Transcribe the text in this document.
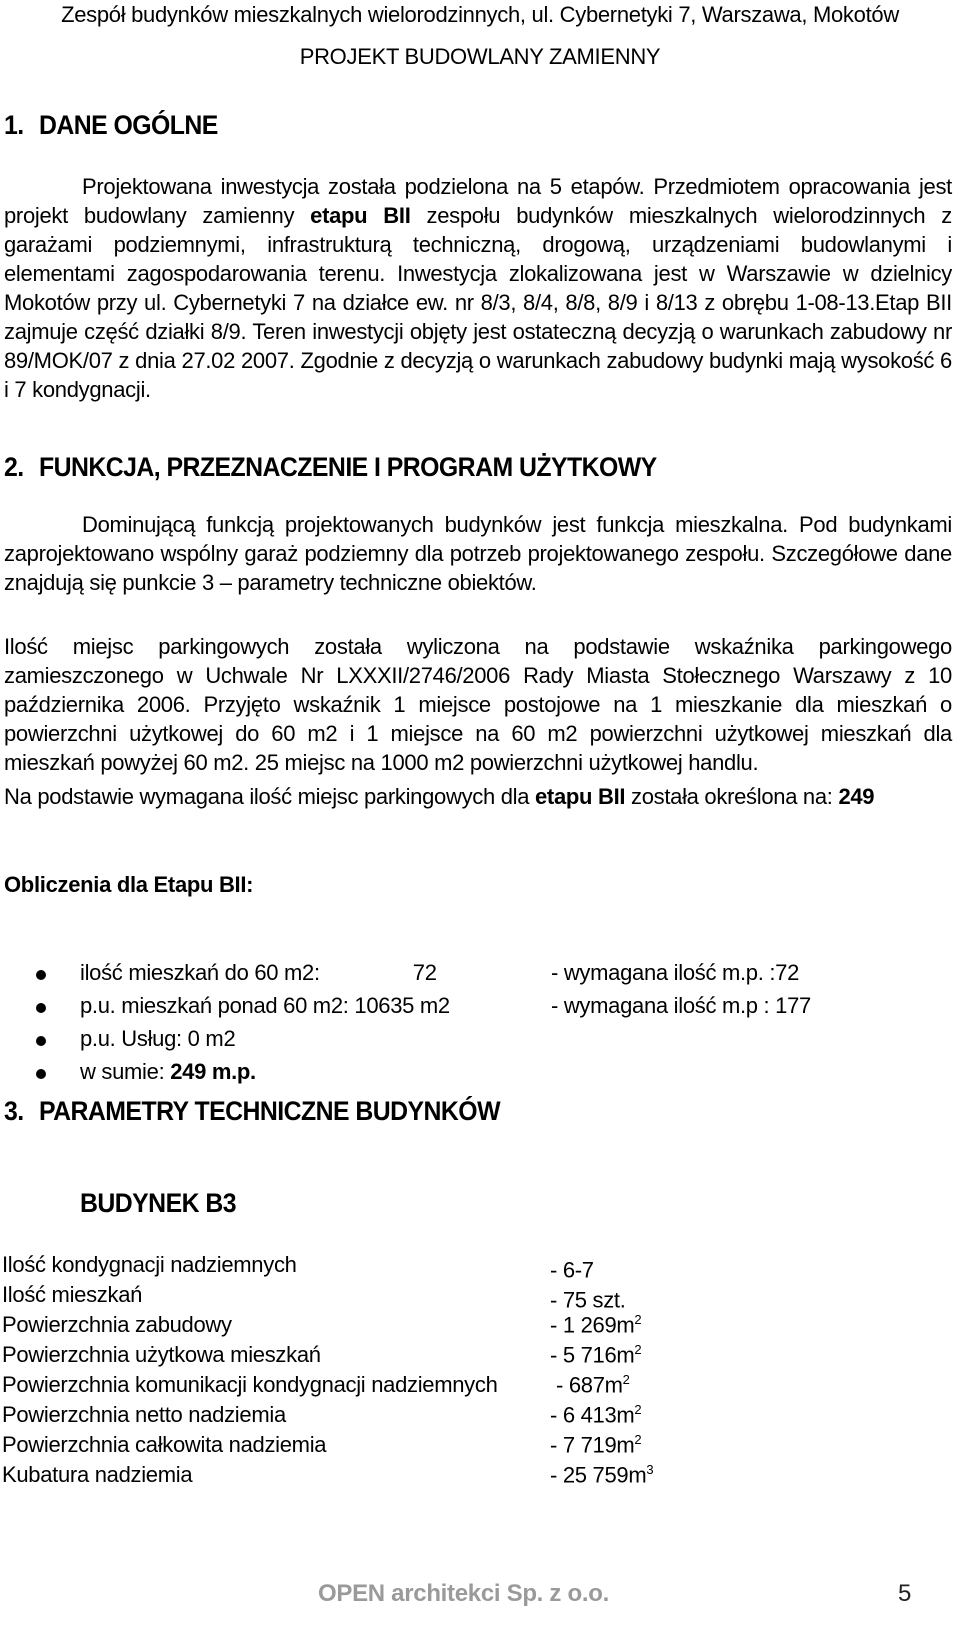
Zespół budynków mieszkalnych wielorodzinnych, ul. Cybernetyki 7, Warszawa, Mokotów
PROJEKT BUDOWLANY ZAMIENNY
1. DANE OGÓLNE

Projektowana inwestycja została podzielona na 5 etapów. Przedmiotem opracowania jest projekt budowlany zamienny etapu BII zespołu budynków mieszkalnych wielorodzinnych z garażami podziemnymi, infrastrukturą techniczną, drogową, urządzeniami budowlanymi i elementami zagospodarowania terenu. Inwestycja zlokalizowana jest w Warszawie w dzielnicy Mokotów przy ul. Cybernetyki 7 na działce ew. nr 8/3, 8/4, 8/8, 8/9 i 8/13 z obrębu 1-08-13.Etap BII zajmuje część działki 8/9. Teren inwestycji objęty jest ostateczną decyzją o warunkach zabudowy nr 89/MOK/07 z dnia 27.02 2007. Zgodnie z decyzją o warunkach zabudowy budynki mają wysokość 6 i 7 kondygnacji.

2. FUNKCJA, PRZEZNACZENIE I PROGRAM UŻYTKOWY

Dominującą funkcją projektowanych budynków jest funkcja mieszkalna. Pod budynkami zaprojektowano wspólny garaż podziemny dla potrzeb projektowanego zespołu. Szczegółowe dane znajdują się punkcie 3 – parametry techniczne obiektów.

Ilość miejsc parkingowych została wyliczona na podstawie wskaźnika parkingowego zamieszczonego w Uchwale Nr LXXXII/2746/2006 Rady Miasta Stołecznego Warszawy z 10 października 2006. Przyjęto wskaźnik 1 miejsce postojowe na 1 mieszkanie dla mieszkań o powierzchni użytkowej do 60 m2 i 1 miejsce na 60 m2 powierzchni użytkowej mieszkań dla mieszkań powyżej 60 m2. 25 miejsc na 1000 m2 powierzchni użytkowej handlu.

Na podstawie wymagana ilość miejsc parkingowych dla etapu BII została określona na: 249

Obliczenia dla Etapu BII:
ilość mieszkań do 60 m2:                72	- wymagana ilość m.p. :72
p.u. mieszkań ponad 60 m2: 10635 m2	- wymagana ilość m.p : 177
p.u. Usług: 0 m2
w sumie: 249 m.p.
3. PARAMETRY TECHNICZNE BUDYNKÓW
BUDYNEK B3
Ilość kondygnacji nadziemnych	- 6-7
Ilość mieszkań	- 75 szt.
Powierzchnia zabudowy	- 1 $269m^2$
Powierzchnia użytkowa mieszkań	- 5 $716m^2$
Powierzchnia komunikacji kondygnacji nadziemnych	- $687m^2$
Powierzchnia netto nadziemia	- 6 $413m^2$
Powierzchnia całkowita nadziemia	- 7 $719m^2$
Kubatura nadziemia	- 25 $759m^3$
OPEN architekci Sp. z o.o.	5
